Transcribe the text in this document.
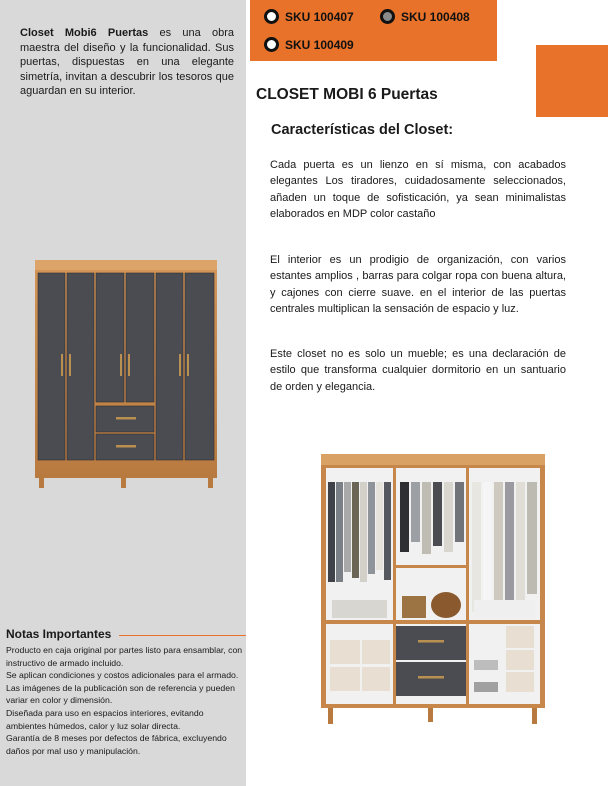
Closet Mobi6 Puertas es una obra maestra del diseño y la funcionalidad. Sus puertas, dispuestas en una elegante simetría, invitan a descubrir los tesoros que aguardan en su interior.

SKU 100407	SKU 100408
SKU 100409
CLOSET MOBI 6 Puertas
Características del Closet:

Cada puerta es un lienzo en sí misma, con acabados elegantes Los tiradores, cuidadosamente seleccionados, añaden un toque de sofisticación, ya sean minimalistas elaborados en MDP color castaño

El interior es un prodigio de organización, con varios estantes amplios , barras para colgar ropa con buena altura, y cajones con cierre suave. en el interior de las puertas centrales multiplican la sensación de espacio y luz.

Este closet no es solo un mueble; es una declaración de estilo que transforma cualquier dormitorio en un santuario de orden y elegancia.

Notas Importantes
Producto en caja original por partes listo para ensamblar, con instructivo de armado incluido.
Se aplican condiciones y costos adicionales para el armado.
Las imágenes de la publicación son de referencia y pueden variar en color y dimensión.
Diseñada para uso en espacios interiores, evitando ambientes húmedos, calor y luz solar directa.
Garantía de 8 meses por defectos de fábrica, excluyendo daños por mal uso y manipulación.
